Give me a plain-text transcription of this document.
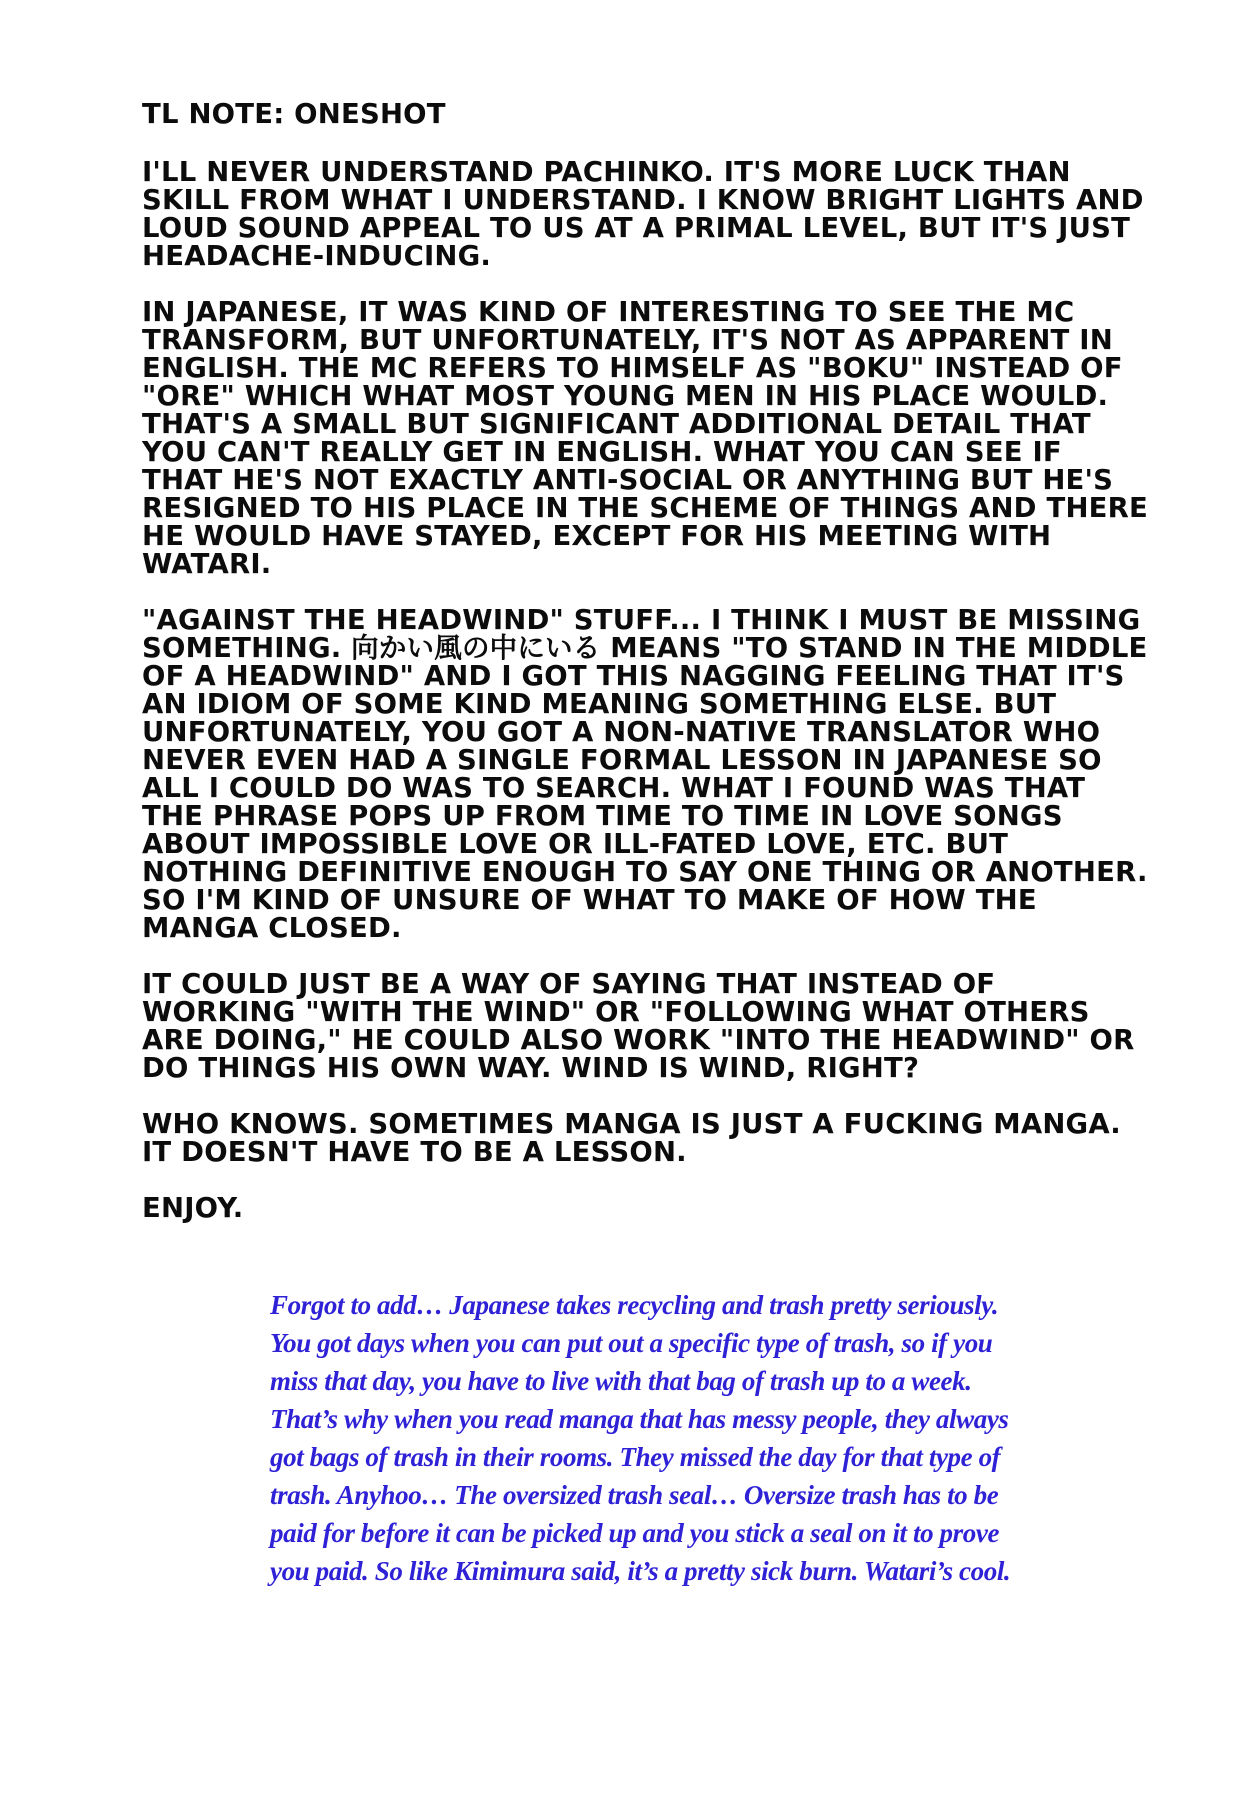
TL NOTE: ONESHOT

I'LL NEVER UNDERSTAND PACHINKO. IT'S MORE LUCK THAN SKILL FROM WHAT I UNDERSTAND. I KNOW BRIGHT LIGHTS AND LOUD SOUND APPEAL TO US AT A PRIMAL LEVEL, BUT IT'S JUST HEADACHE-INDUCING.

IN JAPANESE, IT WAS KIND OF INTERESTING TO SEE THE MC TRANSFORM, BUT UNFORTUNATELY, IT'S NOT AS APPARENT IN ENGLISH. THE MC REFERS TO HIMSELF AS "BOKU" INSTEAD OF "ORE" WHICH WHAT MOST YOUNG MEN IN HIS PLACE WOULD. THAT'S A SMALL BUT SIGNIFICANT ADDITIONAL DETAIL THAT YOU CAN'T REALLY GET IN ENGLISH. WHAT YOU CAN SEE IF THAT HE'S NOT EXACTLY ANTI-SOCIAL OR ANYTHING BUT HE'S RESIGNED TO HIS PLACE IN THE SCHEME OF THINGS AND THERE HE WOULD HAVE STAYED, EXCEPT FOR HIS MEETING WITH WATARI.

"AGAINST THE HEADWIND" STUFF... I THINK I MUST BE MISSING SOMETHING. 向かい風の中にいる MEANS "TO STAND IN THE MIDDLE OF A HEADWIND" AND I GOT THIS NAGGING FEELING THAT IT'S AN IDIOM OF SOME KIND MEANING SOMETHING ELSE. BUT UNFORTUNATELY, YOU GOT A NON-NATIVE TRANSLATOR WHO NEVER EVEN HAD A SINGLE FORMAL LESSON IN JAPANESE SO ALL I COULD DO WAS TO SEARCH. WHAT I FOUND WAS THAT THE PHRASE POPS UP FROM TIME TO TIME IN LOVE SONGS ABOUT IMPOSSIBLE LOVE OR ILL-FATED LOVE, ETC. BUT NOTHING DEFINITIVE ENOUGH TO SAY ONE THING OR ANOTHER. SO I'M KIND OF UNSURE OF WHAT TO MAKE OF HOW THE MANGA CLOSED.

IT COULD JUST BE A WAY OF SAYING THAT INSTEAD OF WORKING "WITH THE WIND" OR "FOLLOWING WHAT OTHERS ARE DOING," HE COULD ALSO WORK "INTO THE HEADWIND" OR DO THINGS HIS OWN WAY. WIND IS WIND, RIGHT?

WHO KNOWS. SOMETIMES MANGA IS JUST A FUCKING MANGA. IT DOESN'T HAVE TO BE A LESSON.

ENJOY.

Forgot to add… Japanese takes recycling and trash pretty seriously. You got days when you can put out a specific type of trash, so if you miss that day, you have to live with that bag of trash up to a week. That’s why when you read manga that has messy people, they always got bags of trash in their rooms. They missed the day for that type of trash. Anyhoo… The oversized trash seal… Oversize trash has to be paid for before it can be picked up and you stick a seal on it to prove you paid. So like Kimimura said, it’s a pretty sick burn. Watari’s cool.
